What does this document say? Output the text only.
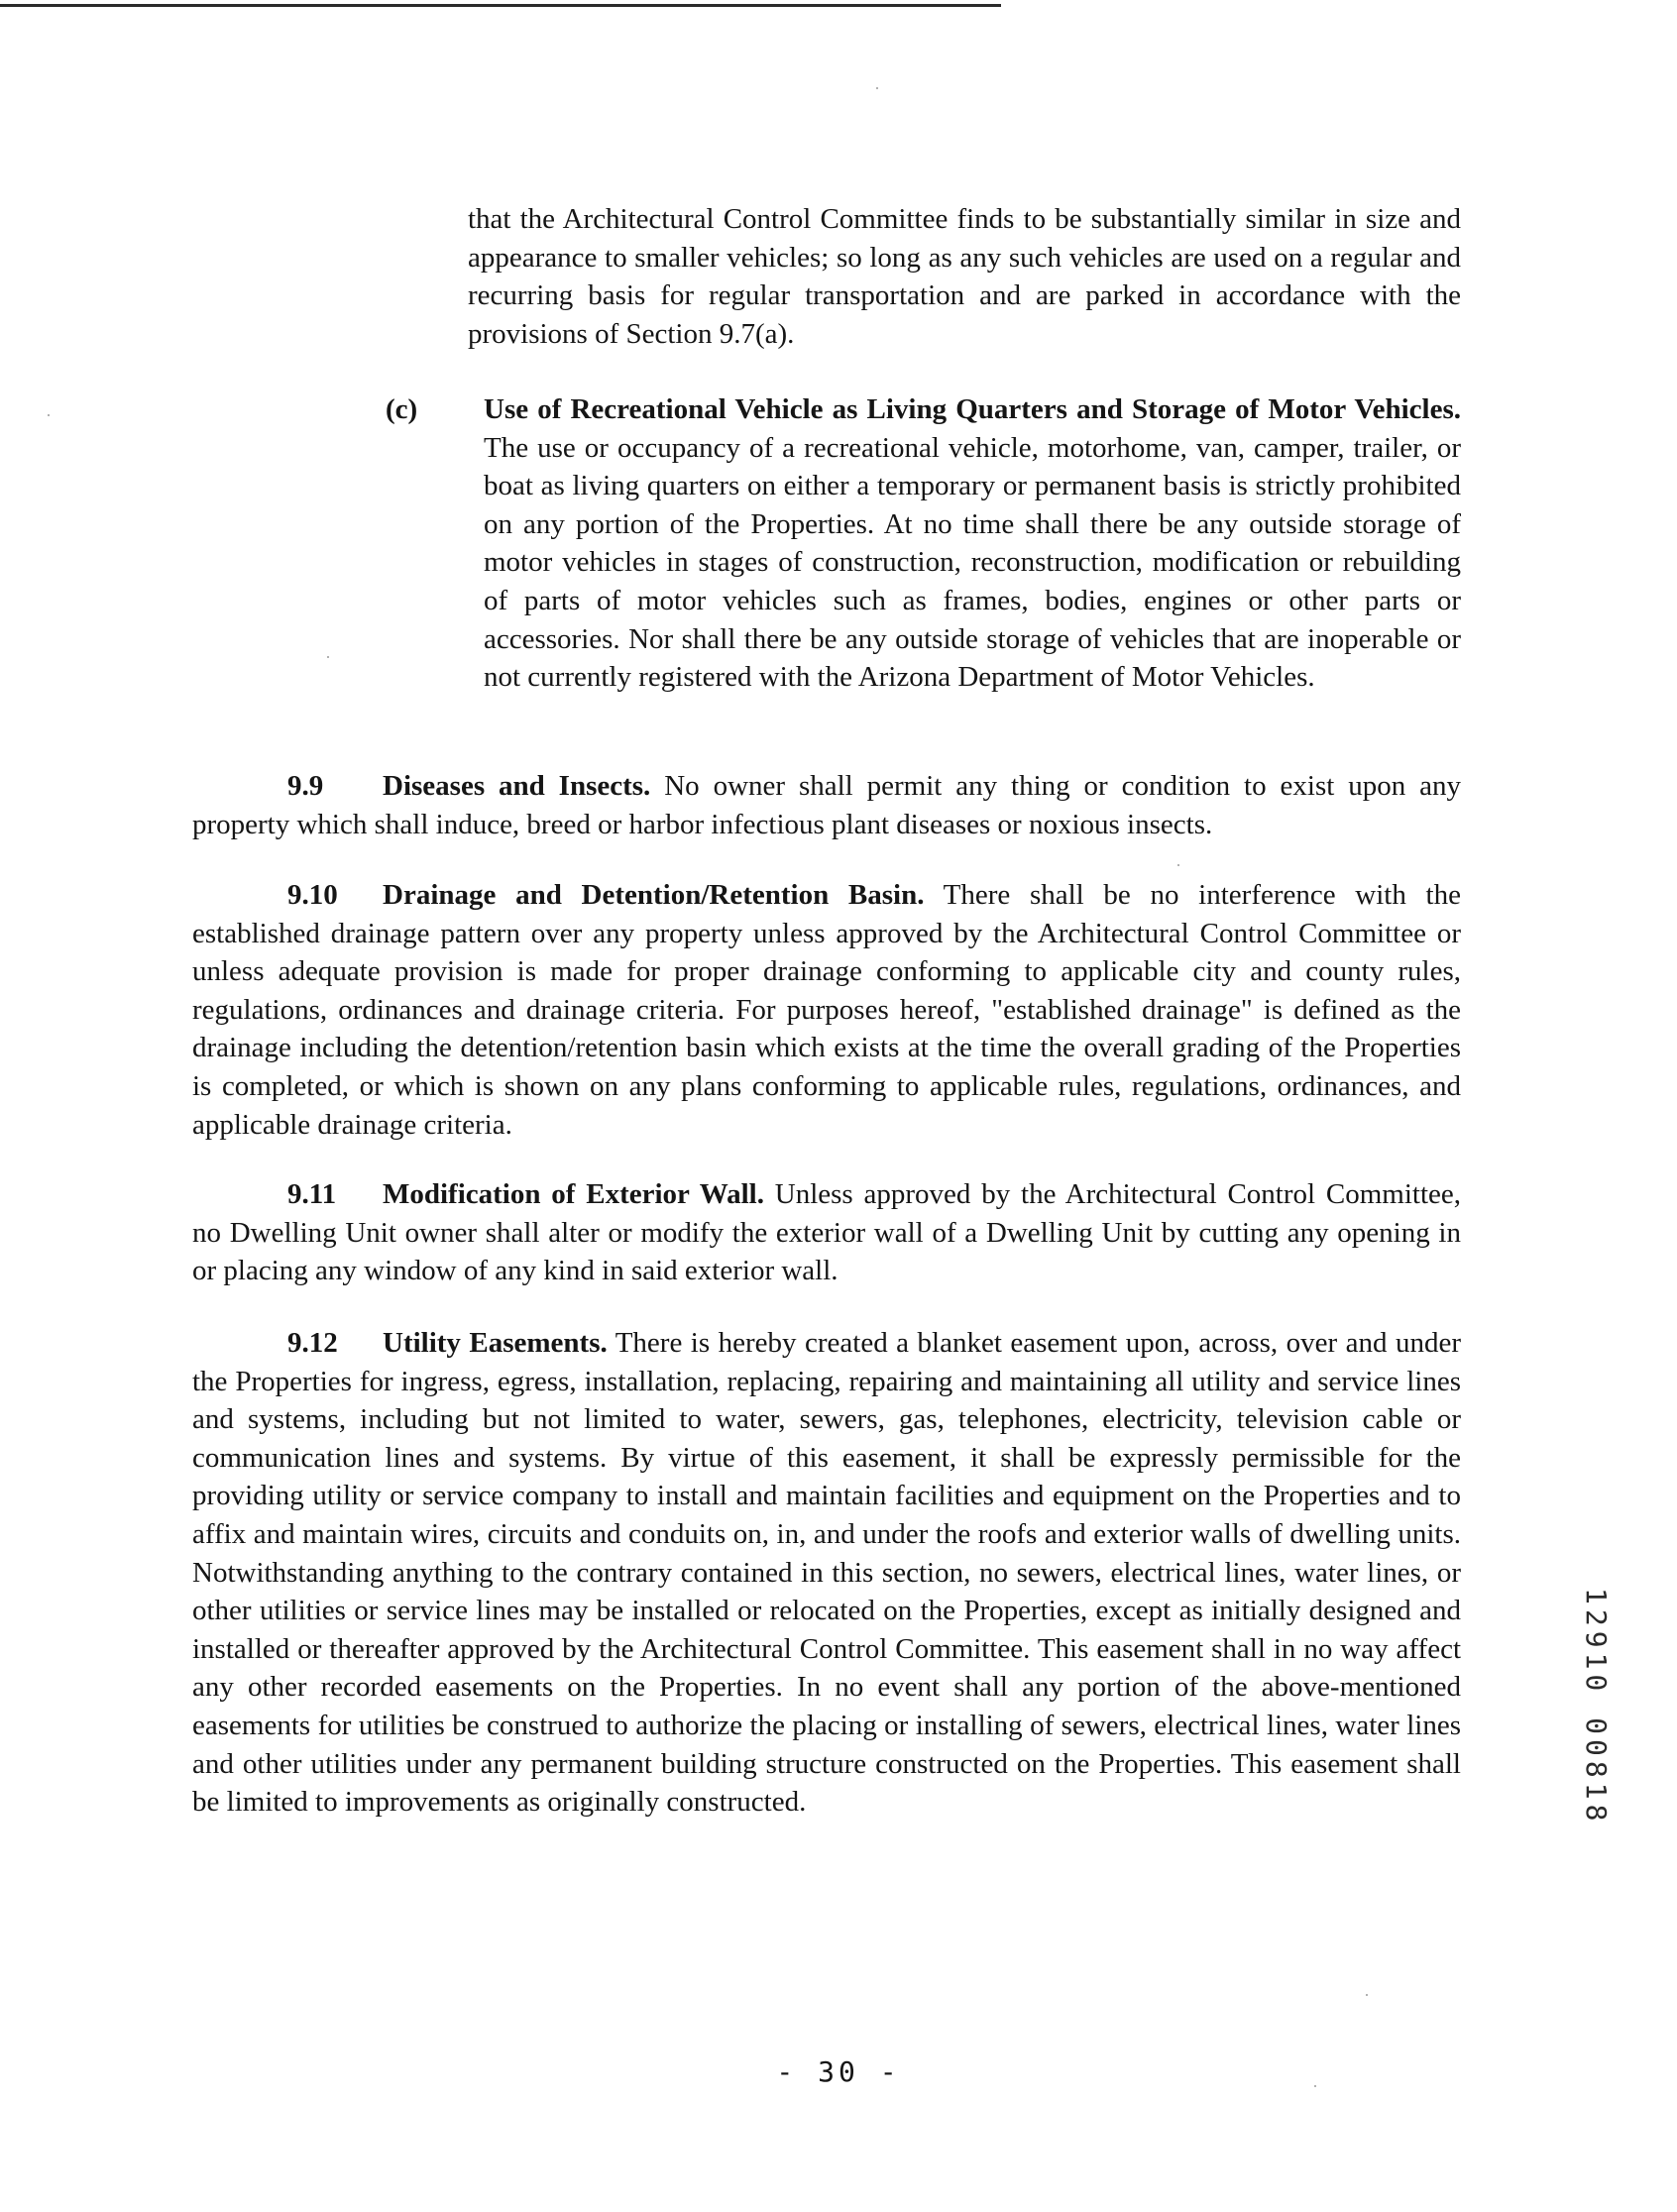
that the Architectural Control Committee finds to be substantially similar in size and appearance to smaller vehicles; so long as any such vehicles are used on a regular and recurring basis for regular transportation and are parked in accordance with the provisions of Section 9.7(a).
(c) Use of Recreational Vehicle as Living Quarters and Storage of Motor Vehicles. The use or occupancy of a recreational vehicle, motorhome, van, camper, trailer, or boat as living quarters on either a temporary or permanent basis is strictly prohibited on any portion of the Properties. At no time shall there be any outside storage of motor vehicles in stages of construction, reconstruction, modification or rebuilding of parts of motor vehicles such as frames, bodies, engines or other parts or accessories. Nor shall there be any outside storage of vehicles that are inoperable or not currently registered with the Arizona Department of Motor Vehicles.
9.9 Diseases and Insects. No owner shall permit any thing or condition to exist upon any property which shall induce, breed or harbor infectious plant diseases or noxious insects.
9.10 Drainage and Detention/Retention Basin. There shall be no interference with the established drainage pattern over any property unless approved by the Architectural Control Committee or unless adequate provision is made for proper drainage conforming to applicable city and county rules, regulations, ordinances and drainage criteria. For purposes hereof, "established drainage" is defined as the drainage including the detention/retention basin which exists at the time the overall grading of the Properties is completed, or which is shown on any plans conforming to applicable rules, regulations, ordinances, and applicable drainage criteria.
9.11 Modification of Exterior Wall. Unless approved by the Architectural Control Committee, no Dwelling Unit owner shall alter or modify the exterior wall of a Dwelling Unit by cutting any opening in or placing any window of any kind in said exterior wall.
9.12 Utility Easements. There is hereby created a blanket easement upon, across, over and under the Properties for ingress, egress, installation, replacing, repairing and maintaining all utility and service lines and systems, including but not limited to water, sewers, gas, telephones, electricity, television cable or communication lines and systems. By virtue of this easement, it shall be expressly permissible for the providing utility or service company to install and maintain facilities and equipment on the Properties and to affix and maintain wires, circuits and conduits on, in, and under the roofs and exterior walls of dwelling units. Notwithstanding anything to the contrary contained in this section, no sewers, electrical lines, water lines, or other utilities or service lines may be installed or relocated on the Properties, except as initially designed and installed or thereafter approved by the Architectural Control Committee. This easement shall in no way affect any other recorded easements on the Properties. In no event shall any portion of the above-mentioned easements for utilities be construed to authorize the placing or installing of sewers, electrical lines, water lines and other utilities under any permanent building structure constructed on the Properties. This easement shall be limited to improvements as originally constructed.	12910 00818
- 30 -
